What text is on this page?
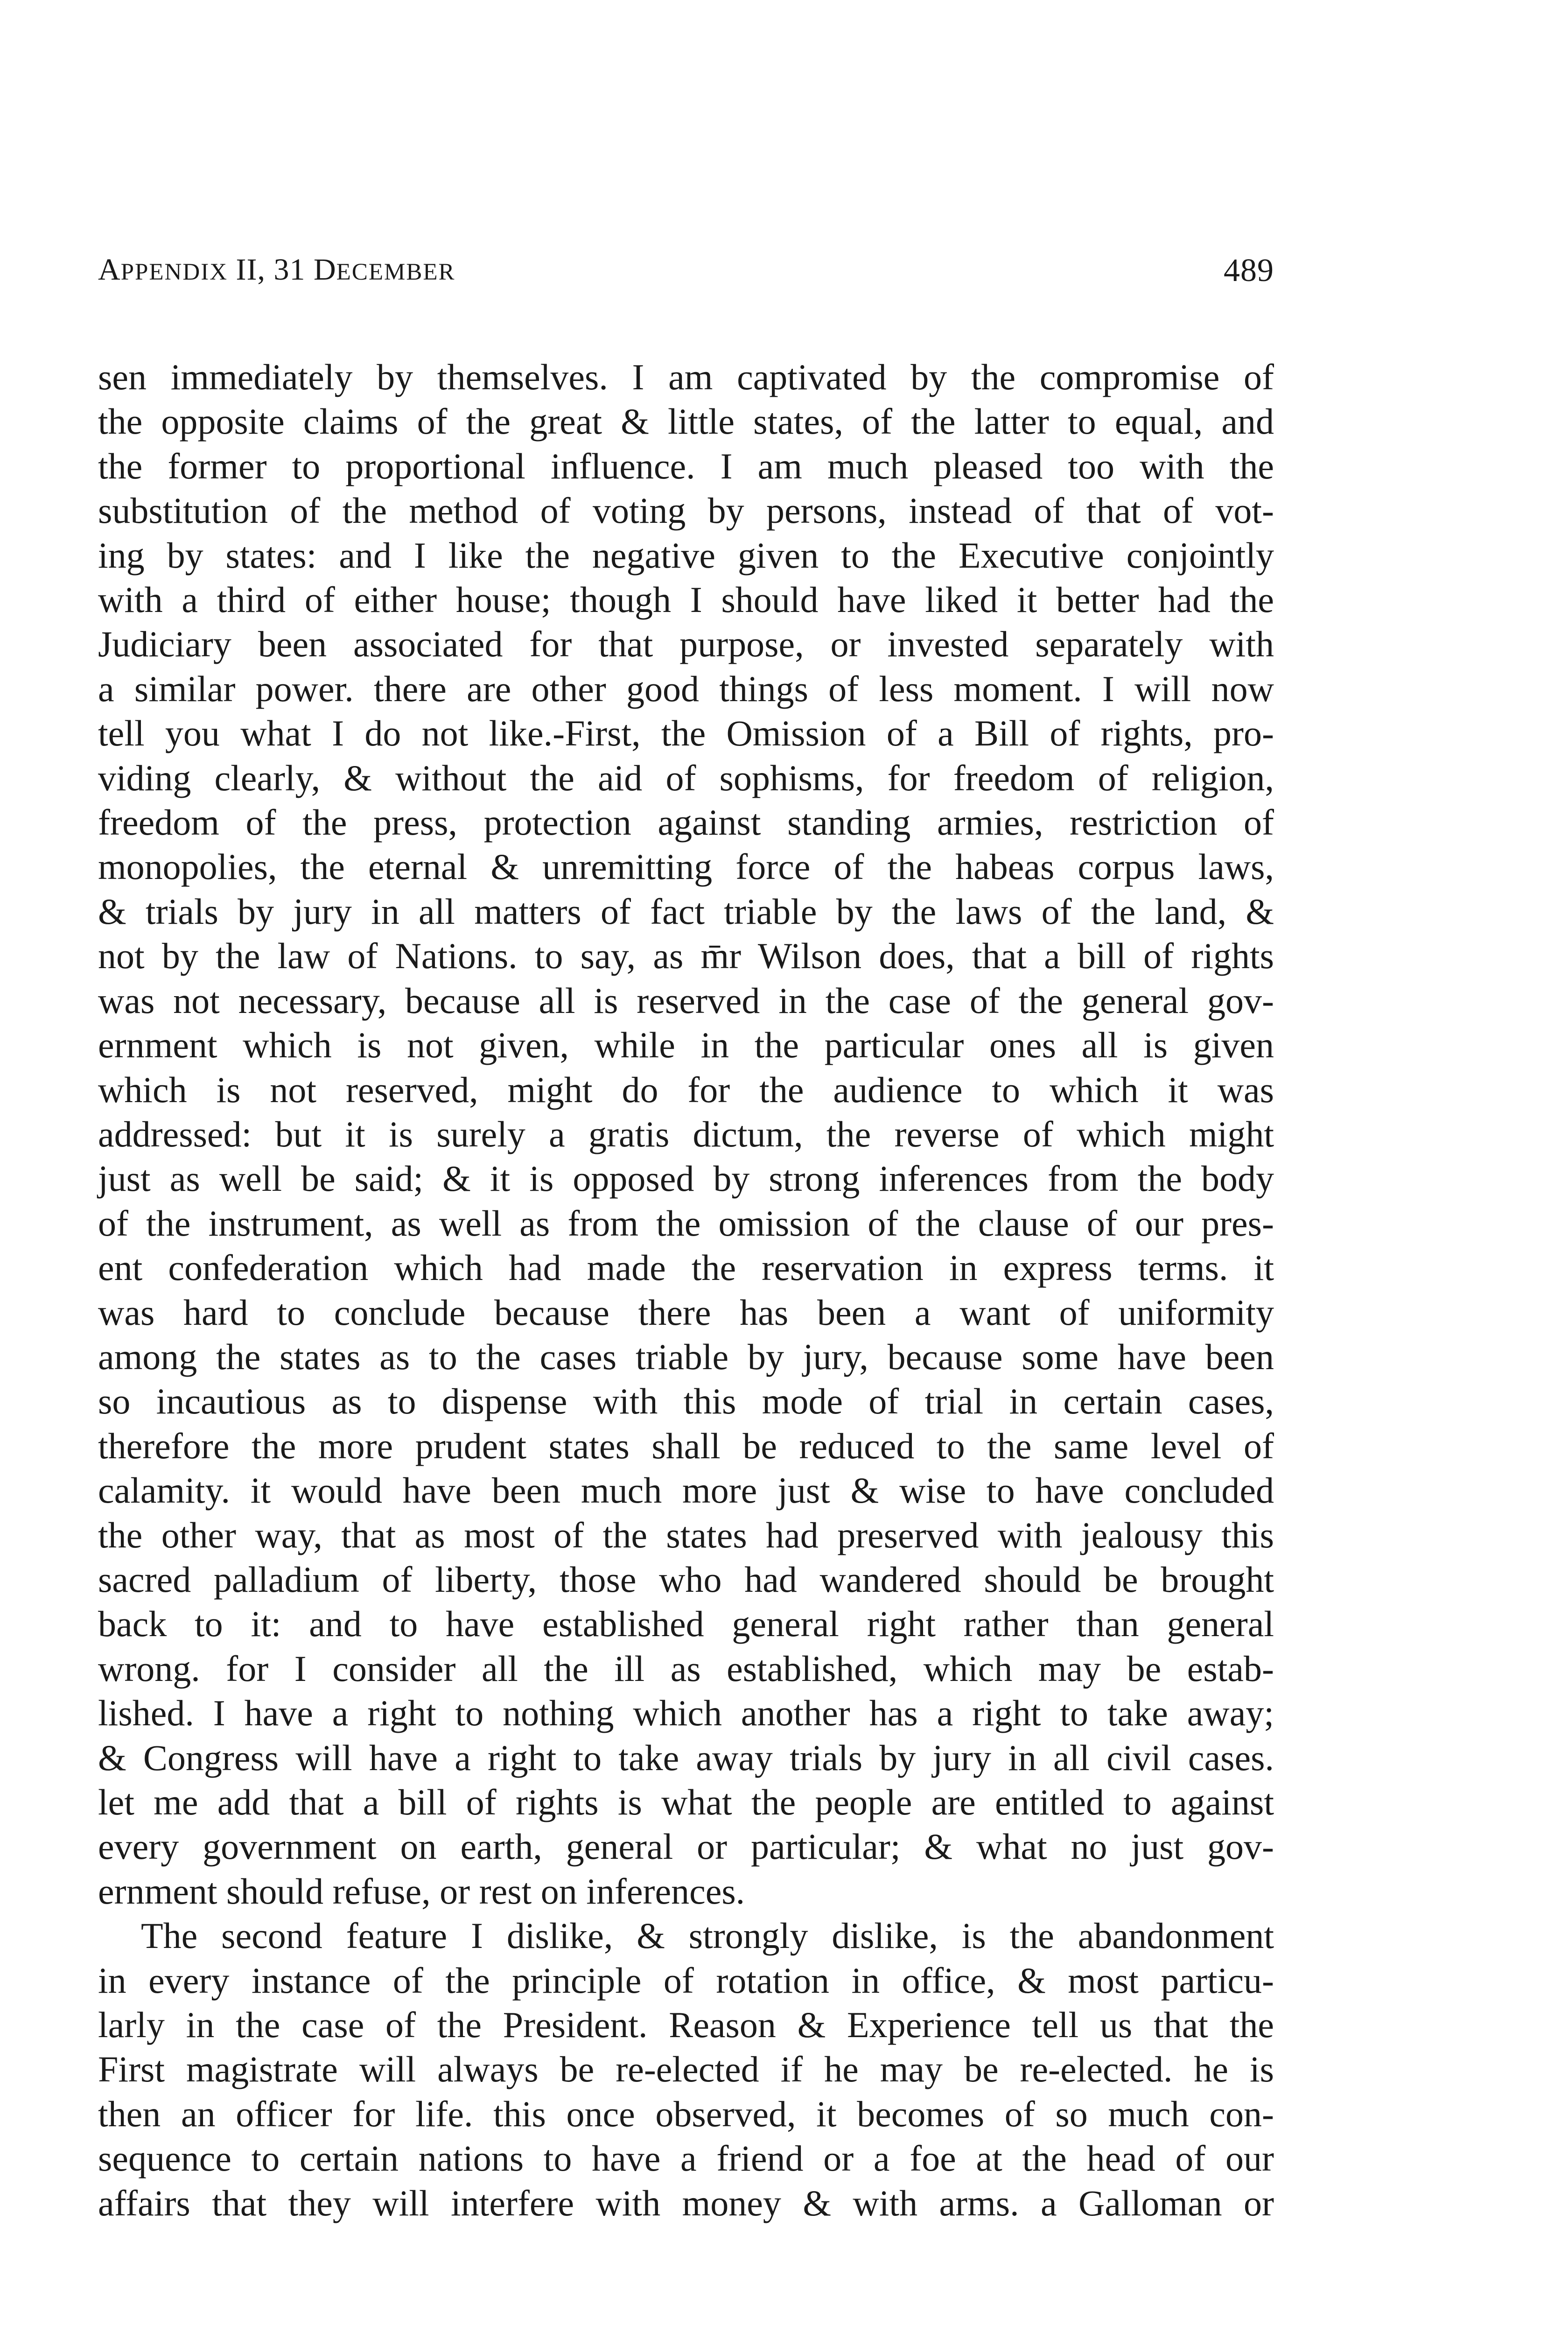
APPENDIX II, 31 DECEMBER	489
sen immediately by themselves. I am captivated by the compromise of
the opposite claims of the great & little states, of the latter to equal, and
the former to proportional influence. I am much pleased too with the
substitution of the method of voting by persons, instead of that of vot-
ing by states: and I like the negative given to the Executive conjointly
with a third of either house; though I should have liked it better had the
Judiciary been associated for that purpose, or invested separately with
a similar power. there are other good things of less moment. I will now
tell you what I do not like.-First, the Omission of a Bill of rights, pro-
viding clearly, & without the aid of sophisms, for freedom of religion,
freedom of the press, protection against standing armies, restriction of
monopolies, the eternal & unremitting force of the habeas corpus laws,
& trials by jury in all matters of fact triable by the laws of the land, &
not by the law of Nations. to say, as m̄r Wilson does, that a bill of rights
was not necessary, because all is reserved in the case of the general gov-
ernment which is not given, while in the particular ones all is given
which is not reserved, might do for the audience to which it was
addressed: but it is surely a gratis dictum, the reverse of which might
just as well be said; & it is opposed by strong inferences from the body
of the instrument, as well as from the omission of the clause of our pres-
ent confederation which had made the reservation in express terms. it
was hard to conclude because there has been a want of uniformity
among the states as to the cases triable by jury, because some have been
so incautious as to dispense with this mode of trial in certain cases,
therefore the more prudent states shall be reduced to the same level of
calamity. it would have been much more just & wise to have concluded
the other way, that as most of the states had preserved with jealousy this
sacred palladium of liberty, those who had wandered should be brought
back to it: and to have established general right rather than general
wrong. for I consider all the ill as established, which may be estab-
lished. I have a right to nothing which another has a right to take away;
& Congress will have a right to take away trials by jury in all civil cases.
let me add that a bill of rights is what the people are entitled to against
every government on earth, general or particular; & what no just gov-
ernment should refuse, or rest on inferences.
The second feature I dislike, & strongly dislike, is the abandonment
in every instance of the principle of rotation in office, & most particu-
larly in the case of the President. Reason & Experience tell us that the
First magistrate will always be re-elected if he may be re-elected. he is
then an officer for life. this once observed, it becomes of so much con-
sequence to certain nations to have a friend or a foe at the head of our
affairs that they will interfere with money & with arms. a Galloman or
